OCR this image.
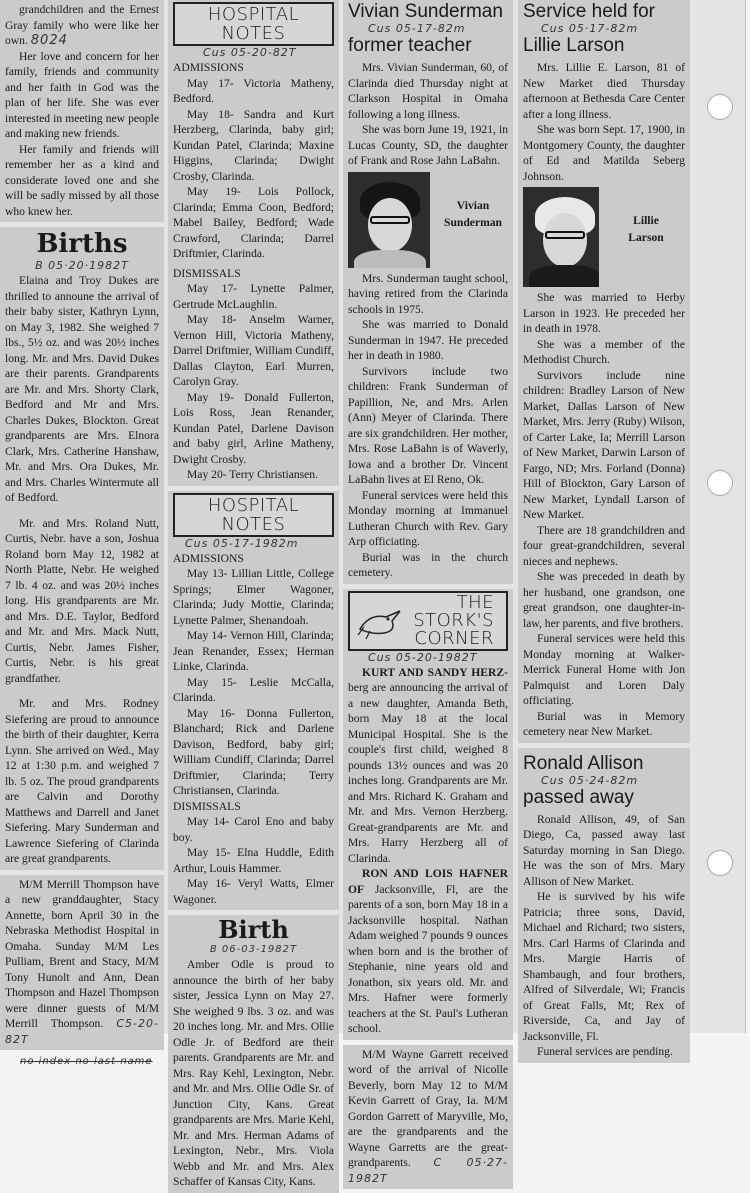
grandchildren and the Ernest Gray family who were like her own. 8024

Her love and concern for her family, friends and community and her faith in God was the plan of her life. She was ever interested in meeting new people and making new friends.

Her family and friends will remember her as a kind and considerate loved one and she will be sadly missed by all those who knew her.

Births
B 05·20·1982T

Elaina and Troy Dukes are thrilled to announe the arrival of their baby sister, Kathryn Lynn, on May 3, 1982. She weighed 7 lbs., 5½ oz. and was 20½ inches long. Mr. and Mrs. David Dukes are their parents. Grandparents are Mr. and Mrs. Shorty Clark, Bedford and Mr and Mrs. Charles Dukes, Blockton. Great grandparents are Mrs. Elnora Clark, Mrs. Catherine Hanshaw, Mr. and Mrs. Ora Dukes, Mr. and Mrs. Charles Wintermute all of Bedford.

Mr. and Mrs. Roland Nutt, Curtis, Nebr. have a son, Joshua Roland born May 12, 1982 at North Platte, Nebr. He weighed 7 lb. 4 oz. and was 20½ inches long. His grandparents are Mr. and Mrs. D.E. Taylor, Bedford and Mr. and Mrs. Mack Nutt, Curtis, Nebr. James Fisher, Curtis, Nebr. is his great grandfather.

Mr. and Mrs. Rodney Siefering are proud to announce the birth of their daughter, Kerra Lynn. She arrived on Wed., May 12 at 1:30 p.m. and weighed 7 lb. 5 oz. The proud grandparents are Calvin and Dorothy Matthews and Darrell and Janet Siefering. Mary Sunderman and Lawrence Siefering of Clarinda are great grandparents.

M/M Merrill Thompson have a new granddaughter, Stacy Annette, born April 30 in the Nebraska Methodist Hospital in Omaha. Sunday M/M Les Pulliam, Brent and Stacy, M/M Tony Hunolt and Ann, Dean Thompson and Hazel Thompson were dinner guests of M/M Merrill Thompson. C5-20-82T

no index no last name
HOSPITAL
NOTES
Cus 05-20-82T

ADMISSIONS

May 17- Victoria Matheny, Bedford.

May 18- Sandra and Kurt Herzberg, Clarinda, baby girl; Kundan Patel, Clarinda; Maxine Higgins, Clarinda; Dwight Crosby, Clarinda.

May 19- Lois Pollock, Clarinda; Emma Coon, Bedford; Mabel Bailey, Bedford; Wade Crawford, Clarinda; Darrel Driftmier, Clarinda.

DISMISSALS

May 17- Lynette Palmer, Gertrude McLaughlin.

May 18- Anselm Warner, Vernon Hill, Victoria Matheny, Darrel Driftmier, William Cundiff, Dallas Clayton, Earl Murren, Carolyn Gray.

May 19- Donald Fullerton, Lois Ross, Jean Renander, Kundan Patel, Darlene Davison and baby girl, Arline Matheny, Dwight Crosby.

May 20- Terry Christiansen.

HOSPITAL
NOTES
Cus 05-17-1982m

ADMISSIONS

May 13- Lillian Little, College Springs; Elmer Wagoner, Clarinda; Judy Mottie, Clarinda; Lynette Palmer, Shenandoah.

May 14- Vernon Hill, Clarinda; Jean Renander, Essex; Herman Linke, Clarinda.

May 15- Leslie McCalla, Clarinda.

May 16- Donna Fullerton, Blanchard; Rick and Darlene Davison, Bedford, baby girl; William Cundiff, Clarinda; Darrel Driftmier, Clarinda; Terry Christiansen, Clarinda.

DISMISSALS

May 14- Carol Eno and baby boy.

May 15- Elna Huddle, Edith Arthur, Louis Hammer.

May 16- Veryl Watts, Elmer Wagoner.

Birth
B 06-03-1982T

Amber Odle is proud to announce the birth of her baby sister, Jessica Lynn on May 27. She weighed 9 lbs. 3 oz. and was 20 inches long. Mr. and Mrs. Ollie Odle Jr. of Bedford are their parents. Grandparents are Mr. and Mrs. Ray Kehl, Lexington, Nebr. and Mr. and Mrs. Ollie Odle Sr. of Junction City, Kans. Great grandparents are Mrs. Marie Kehl, Mr. and Mrs. Herman Adams of Lexington, Nebr., Mrs. Viola Webb and Mr. and Mrs. Alex Schaffer of Kansas City, Kans.

Vivian Sunderman
Cus 05-17-82m
former teacher

Mrs. Vivian Sunderman, 60, of Clarinda died Thursday night at Clarkson Hospital in Omaha following a long illness.

She was born June 19, 1921, in Lucas County, SD, the daughter of Frank and Rose Jahn LaBahn.

Vivian
Sunderman

Mrs. Sunderman taught school, having retired from the Clarinda schools in 1975.

She was married to Donald Sunderman in 1947. He preceded her in death in 1980.

Survivors include two children: Frank Sunderman of Papillion, Ne, and Mrs. Arlen (Ann) Meyer of Clarinda. There are six grandchildren. Her mother, Mrs. Rose LaBahn is of Waverly, Iowa and a brother Dr. Vincent LaBahn lives at El Reno, Ok.

Funeral services were held this Monday morning at Immanuel Lutheran Church with Rev. Gary Arp officiating.

Burial was in the church cemetery.

THE
STORK'S
CORNER
Cus 05-20-1982T

KURT AND SANDY HERZ- berg are announcing the arrival of a new daughter, Amanda Beth, born May 18 at the local Municipal Hospital. She is the couple's first child, weighed 8 pounds 13½ ounces and was 20 inches long. Grandparents are Mr. and Mrs. Richard K. Graham and Mr. and Mrs. Vernon Herzberg. Great-grandparents are Mr. and Mrs. Harry Herzberg all of Clarinda.

RON AND LOIS HAFNER OF Jacksonville, Fl, are the parents of a son, born May 18 in a Jacksonville hospital. Nathan Adam weighed 7 pounds 9 ounces when born and is the brother of Stephanie, nine years old and Jonathon, six years old. Mr. and Mrs. Hafner were formerly teachers at the St. Paul's Lutheran school.

M/M Wayne Garrett received word of the arrival of Nicolle Beverly, born May 12 to M/M Kevin Garrett of Gray, Ia. M/M Gordon Garrett of Maryville, Mo, are the grandparents and the Wayne Garretts are the great-grandparents. C 05·27-1982T

Service held for
Cus 05·17-82m
Lillie Larson

Mrs. Lillie E. Larson, 81 of New Market died Thursday afternoon at Bethesda Care Center after a long illness.

She was born Sept. 17, 1900, in Montgomery County, the daughter of Ed and Matilda Seberg Johnson.

Lillie
Larson

She was married to Herby Larson in 1923. He preceded her in death in 1978.

She was a member of the Methodist Church.

Survivors include nine children: Bradley Larson of New Market, Dallas Larson of New Market, Mrs. Jerry (Ruby) Wilson, of Carter Lake, Ia; Merrill Larson of New Market, Darwin Larson of Fargo, ND; Mrs. Forland (Donna) Hill of Blockton, Gary Larson of New Market, Lyndall Larson of New Market.

There are 18 grandchildren and four great-grandchildren, several nieces and nephews.

She was preceded in death by her husband, one grandson, one great grandson, one daughter-in-law, her parents, and five brothers.

Funeral services were held this Monday morning at Walker-Merrick Funeral Home with Jon Palmquist and Loren Daly officiating.

Burial was in Memory cemetery near New Market.

Ronald Allison
Cus 05·24-82m
passed away

Ronald Allison, 49, of San Diego, Ca, passed away last Saturday morning in San Diego. He was the son of Mrs. Mary Allison of New Market.

He is survived by his wife Patricia; three sons, David, Michael and Richard; two sisters, Mrs. Carl Harms of Clarinda and Mrs. Margie Harris of Shambaugh, and four brothers, Alfred of Silverdale, Wi; Francis of Great Falls, Mt; Rex of Riverside, Ca, and Jay of Jacksonville, Fl.

Funeral services are pending.
